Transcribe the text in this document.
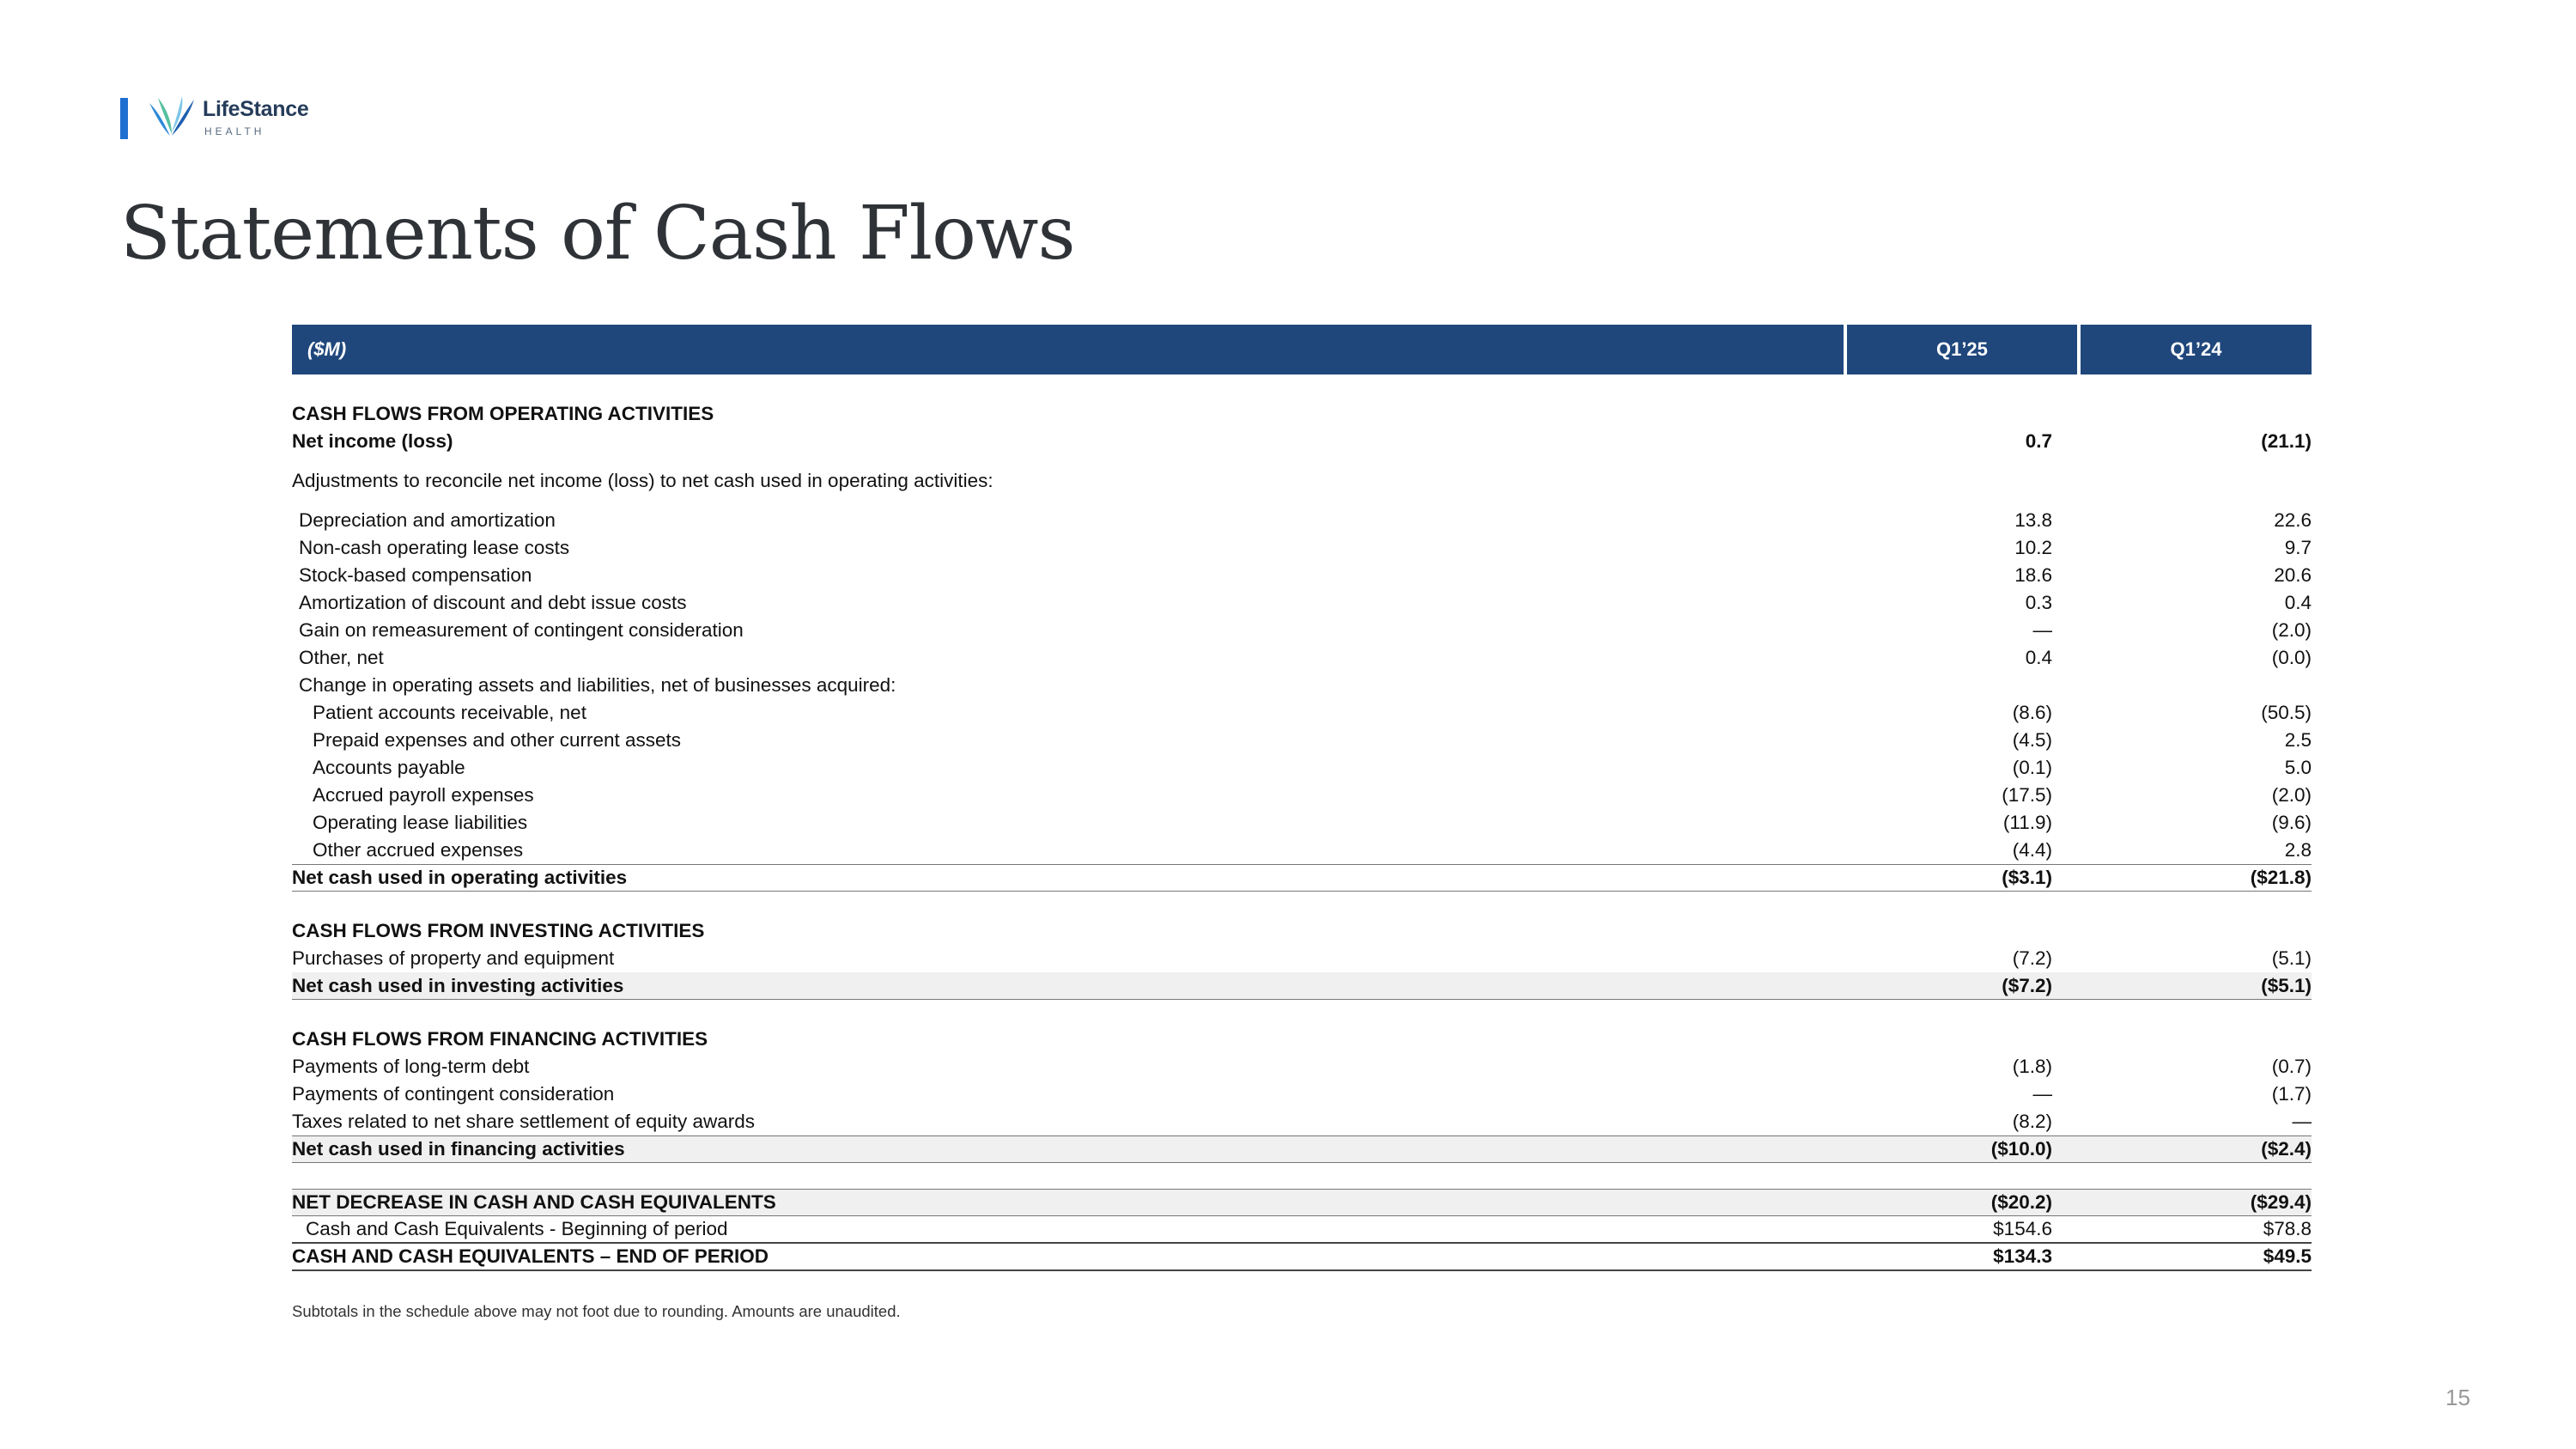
LifeStance
HEALTH
Statements of Cash Flows
($M)	Q1’25	Q1’24
CASH FLOWS FROM OPERATING ACTIVITIES
Net income (loss)	0.7	(21.1)
Adjustments to reconcile net income (loss) to net cash used in operating activities:
Depreciation and amortization	13.8	22.6
Non-cash operating lease costs	10.2	9.7
Stock-based compensation	18.6	20.6
Amortization of discount and debt issue costs	0.3	0.4
Gain on remeasurement of contingent consideration	—	(2.0)
Other, net	0.4	(0.0)
Change in operating assets and liabilities, net of businesses acquired:
Patient accounts receivable, net	(8.6)	(50.5)
Prepaid expenses and other current assets	(4.5)	2.5
Accounts payable	(0.1)	5.0
Accrued payroll expenses	(17.5)	(2.0)
Operating lease liabilities	(11.9)	(9.6)
Other accrued expenses	(4.4)	2.8
Net cash used in operating activities	($3.1)	($21.8)
CASH FLOWS FROM INVESTING ACTIVITIES
Purchases of property and equipment	(7.2)	(5.1)
Net cash used in investing activities	($7.2)	($5.1)
CASH FLOWS FROM FINANCING ACTIVITIES
Payments of long-term debt	(1.8)	(0.7)
Payments of contingent consideration	—	(1.7)
Taxes related to net share settlement of equity awards	(8.2)	—
Net cash used in financing activities	($10.0)	($2.4)
NET DECREASE IN CASH AND CASH EQUIVALENTS	($20.2)	($29.4)
Cash and Cash Equivalents - Beginning of period	$154.6	$78.8
CASH AND CASH EQUIVALENTS – END OF PERIOD	$134.3	$49.5
Subtotals in the schedule above may not foot due to rounding. Amounts are unaudited.
15
